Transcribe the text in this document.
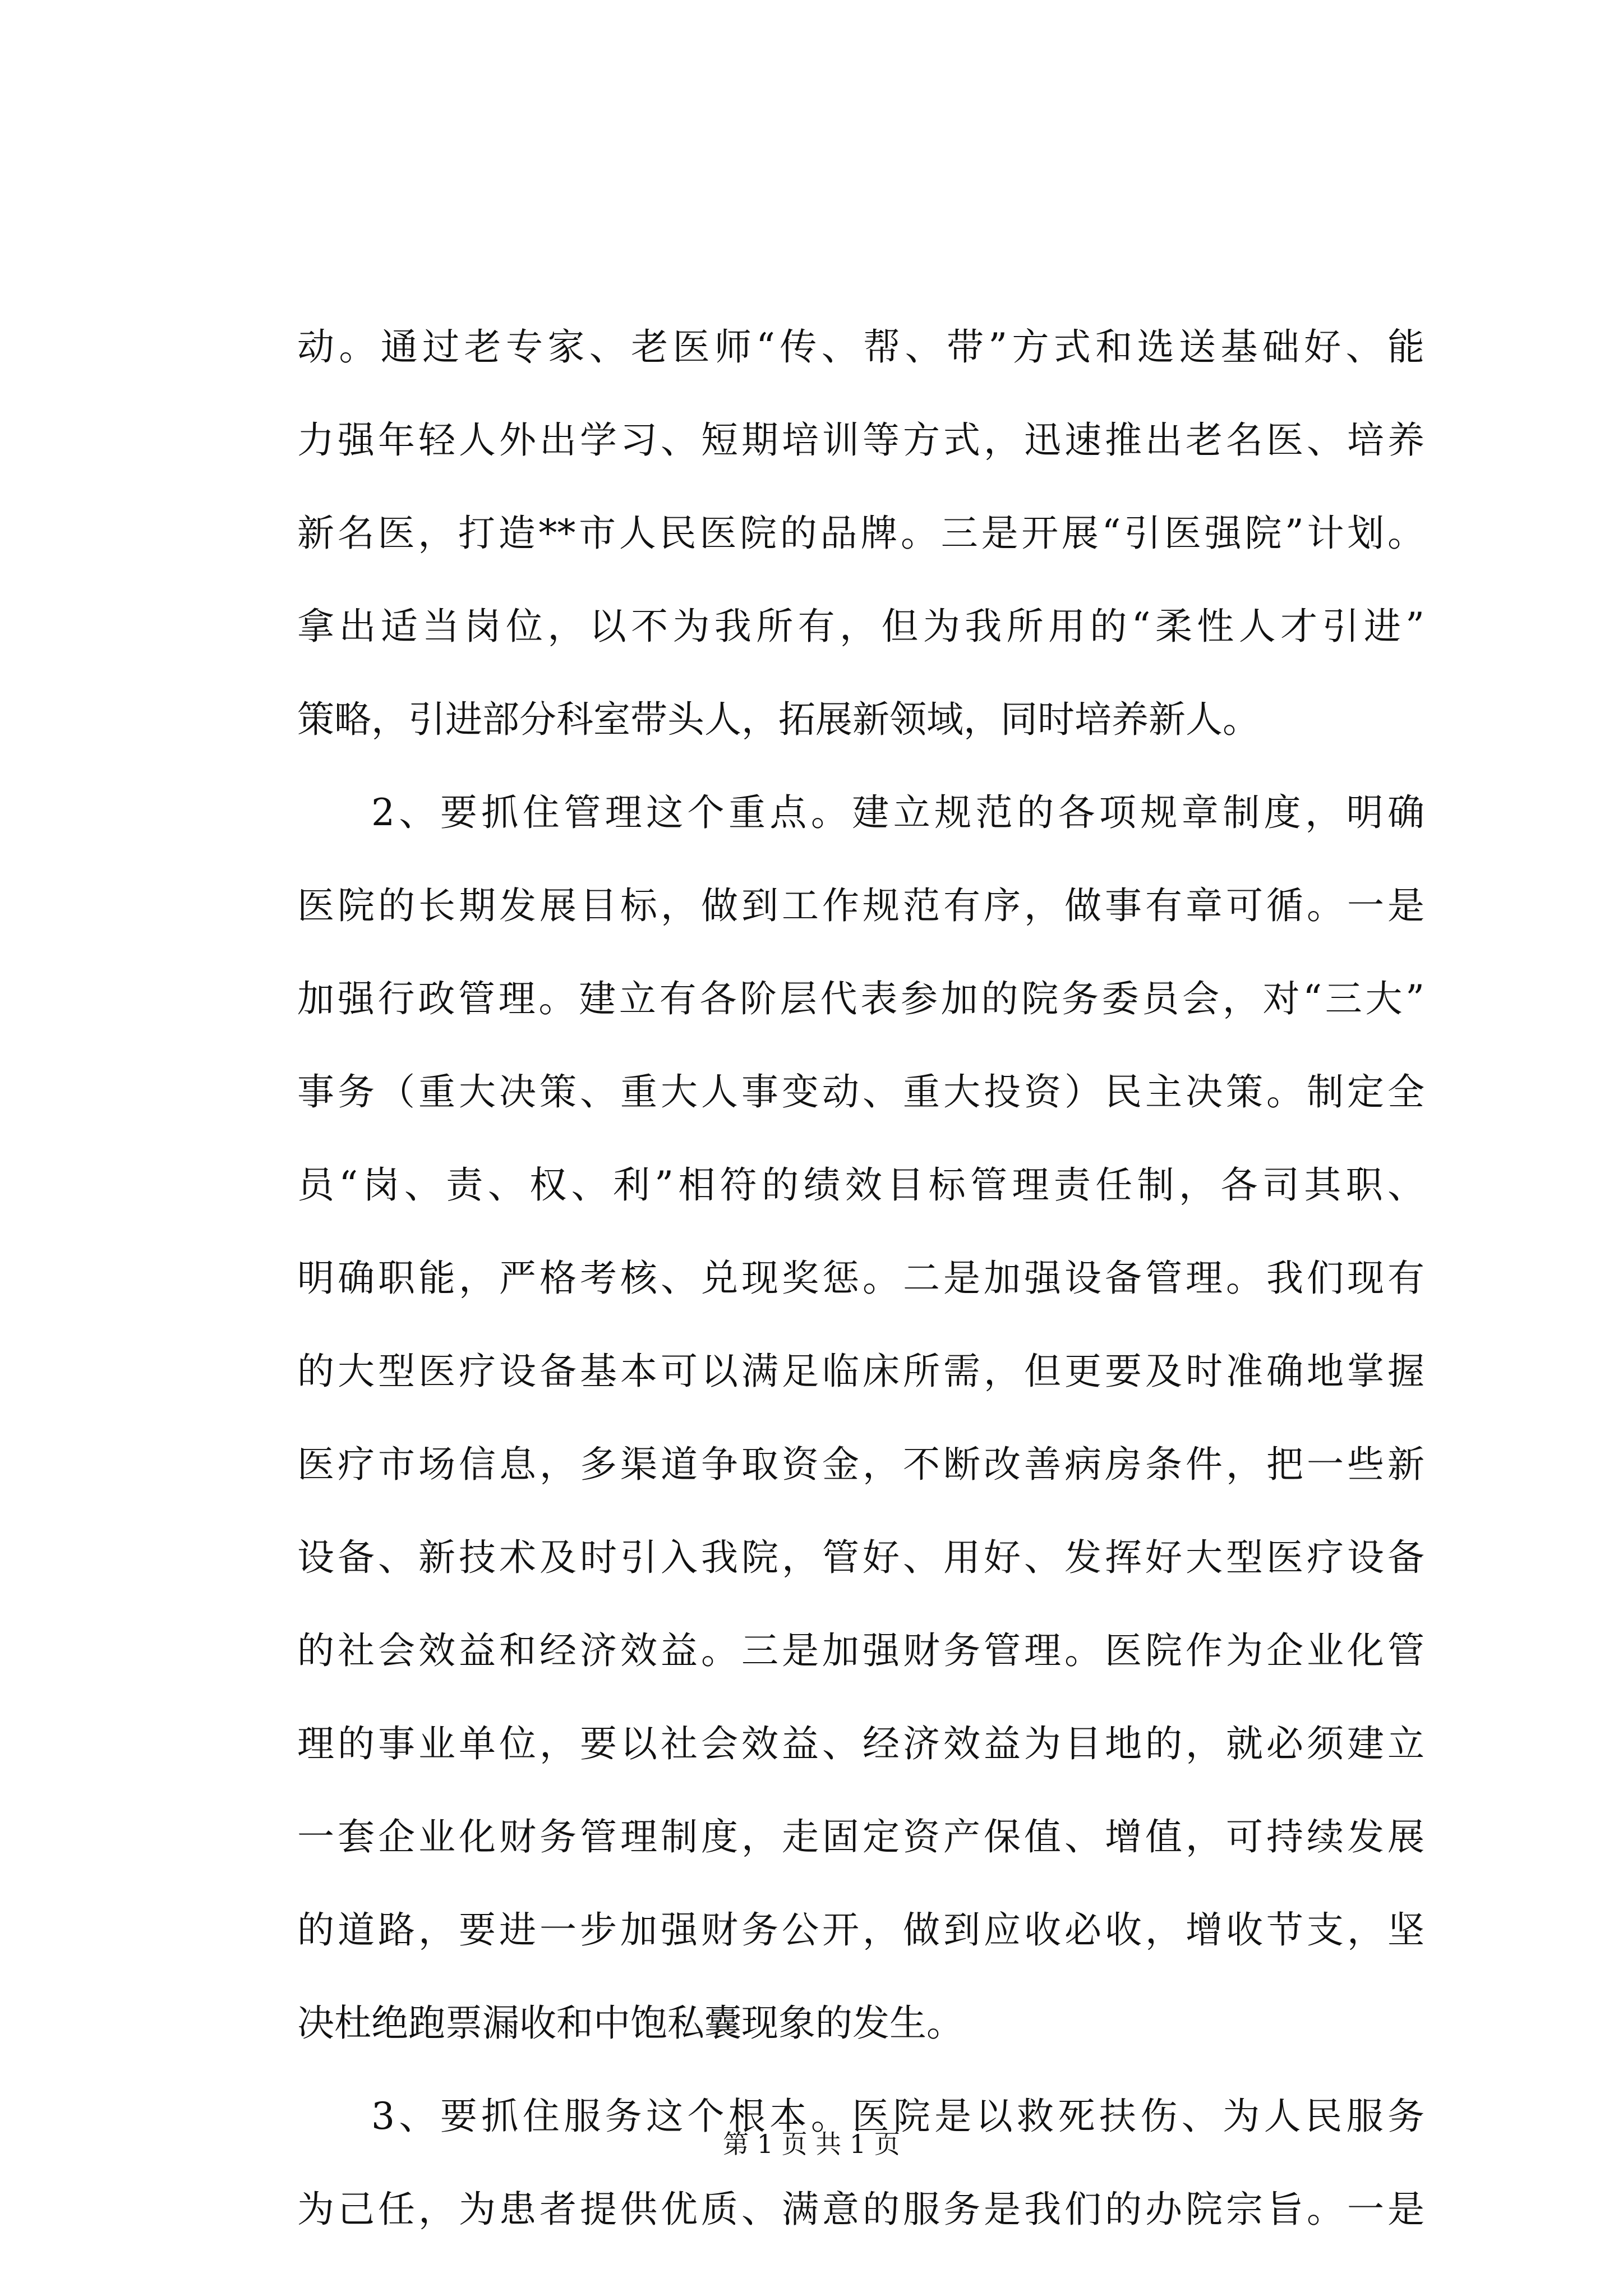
动。通过老专家、老医师“传、帮、带”方式和选送基础好、能
力强年轻人外出学习、短期培训等方式，迅速推出老名医、培养
新名医，打造**市人民医院的品牌。三是开展“引医强院”计划。
拿出适当岗位，以不为我所有，但为我所用的“柔性人才引进”
策略，引进部分科室带头人，拓展新领域，同时培养新人。
2、要抓住管理这个重点。建立规范的各项规章制度，明确
医院的长期发展目标，做到工作规范有序，做事有章可循。一是
加强行政管理。建立有各阶层代表参加的院务委员会，对“三大”
事务（重大决策、重大人事变动、重大投资）民主决策。制定全
员“岗、责、权、利”相符的绩效目标管理责任制，各司其职、
明确职能，严格考核、兑现奖惩。二是加强设备管理。我们现有
的大型医疗设备基本可以满足临床所需，但更要及时准确地掌握
医疗市场信息，多渠道争取资金，不断改善病房条件，把一些新
设备、新技术及时引入我院，管好、用好、发挥好大型医疗设备
的社会效益和经济效益。三是加强财务管理。医院作为企业化管
理的事业单位，要以社会效益、经济效益为目地的，就必须建立
一套企业化财务管理制度，走固定资产保值、增值，可持续发展
的道路，要进一步加强财务公开，做到应收必收，增收节支，坚
决杜绝跑票漏收和中饱私囊现象的发生。
3、要抓住服务这个根本。医院是以救死扶伤、为人民服务
为己任，为患者提供优质、满意的服务是我们的办院宗旨。一是
第 1 页 共 1 页
